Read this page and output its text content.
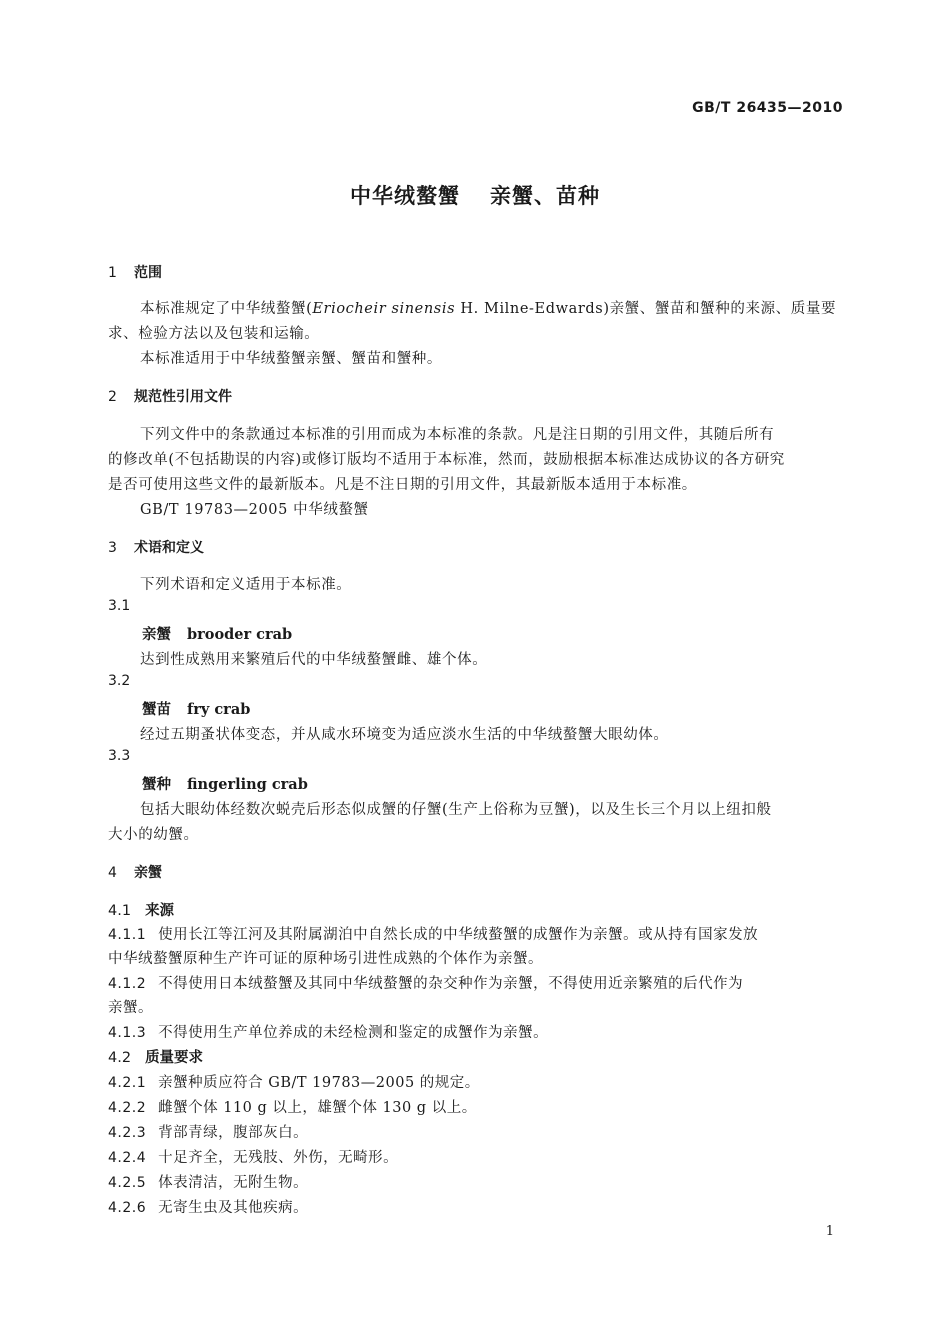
GB/T 26435—2010
中华绒螯蟹 亲蟹、苗种
1 范围
本标准规定了中华绒螯蟹(Eriocheir sinensis H. Milne-Edwards)亲蟹、蟹苗和蟹种的来源、质量要
求、检验方法以及包装和运输。
本标准适用于中华绒螯蟹亲蟹、蟹苗和蟹种。
2 规范性引用文件
下列文件中的条款通过本标准的引用而成为本标准的条款。凡是注日期的引用文件，其随后所有
的修改单(不包括勘误的内容)或修订版均不适用于本标准，然而，鼓励根据本标准达成协议的各方研究
是否可使用这些文件的最新版本。凡是不注日期的引用文件，其最新版本适用于本标准。
GB/T 19783—2005 中华绒螯蟹
3 术语和定义
下列术语和定义适用于本标准。
3.1
亲蟹 brooder crab
达到性成熟用来繁殖后代的中华绒螯蟹雌、雄个体。
3.2
蟹苗 fry crab
经过五期蚤状体变态，并从咸水环境变为适应淡水生活的中华绒螯蟹大眼幼体。
3.3
蟹种 fingerling crab
包括大眼幼体经数次蜕壳后形态似成蟹的仔蟹(生产上俗称为豆蟹)，以及生长三个月以上纽扣般
大小的幼蟹。
4 亲蟹
4.1 来源
4.1.1 使用长江等江河及其附属湖泊中自然长成的中华绒螯蟹的成蟹作为亲蟹。或从持有国家发放
中华绒螯蟹原种生产许可证的原种场引进性成熟的个体作为亲蟹。
4.1.2 不得使用日本绒螯蟹及其同中华绒螯蟹的杂交种作为亲蟹，不得使用近亲繁殖的后代作为
亲蟹。
4.1.3 不得使用生产单位养成的未经检测和鉴定的成蟹作为亲蟹。
4.2 质量要求
4.2.1 亲蟹种质应符合 GB/T 19783—2005 的规定。
4.2.2 雌蟹个体 110 g 以上，雄蟹个体 130 g 以上。
4.2.3 背部青绿，腹部灰白。
4.2.4 十足齐全，无残肢、外伤，无畸形。
4.2.5 体表清洁，无附生物。
4.2.6 无寄生虫及其他疾病。
1
